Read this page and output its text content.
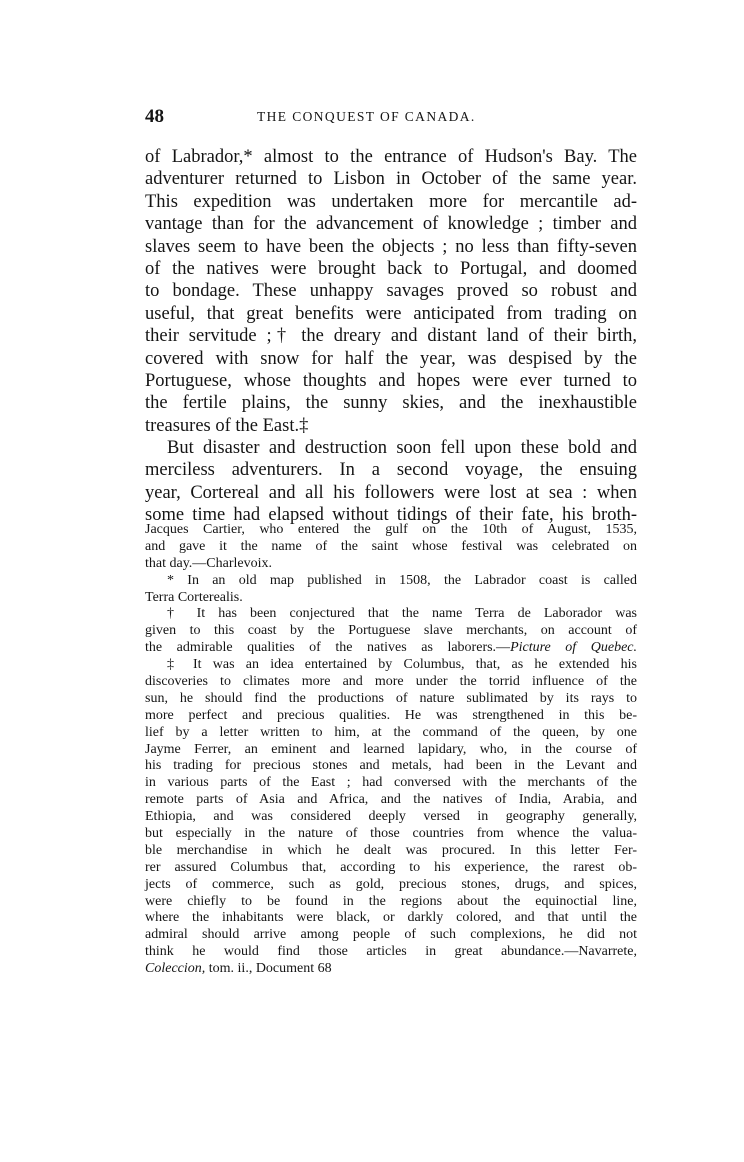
48	THE CONQUEST OF CANADA.
of Labrador,* almost to the entrance of Hudson's Bay. The
adventurer returned to Lisbon in October of the same year.
This expedition was undertaken more for mercantile ad-
vantage than for the advancement of knowledge ; timber and
slaves seem to have been the objects ; no less than fifty-seven
of the natives were brought back to Portugal, and doomed
to bondage. These unhappy savages proved so robust and
useful, that great benefits were anticipated from trading on
their servitude ;† the dreary and distant land of their birth,
covered with snow for half the year, was despised by the
Portuguese, whose thoughts and hopes were ever turned to
the fertile plains, the sunny skies, and the inexhaustible
treasures of the East.‡
But disaster and destruction soon fell upon these bold and
merciless adventurers. In a second voyage, the ensuing
year, Cortereal and all his followers were lost at sea : when
some time had elapsed without tidings of their fate, his broth-
Jacques Cartier, who entered the gulf on the 10th of August, 1535,
and gave it the name of the saint whose festival was celebrated on
that day.—Charlevoix.
* In an old map published in 1508, the Labrador coast is called
Terra Corterealis.
† It has been conjectured that the name Terra de Laborador was
given to this coast by the Portuguese slave merchants, on account of
the admirable qualities of the natives as laborers.—Picture of Quebec.
‡ It was an idea entertained by Columbus, that, as he extended his
discoveries to climates more and more under the torrid influence of the
sun, he should find the productions of nature sublimated by its rays to
more perfect and precious qualities. He was strengthened in this be-
lief by a letter written to him, at the command of the queen, by one
Jayme Ferrer, an eminent and learned lapidary, who, in the course of
his trading for precious stones and metals, had been in the Levant and
in various parts of the East ; had conversed with the merchants of the
remote parts of Asia and Africa, and the natives of India, Arabia, and
Ethiopia, and was considered deeply versed in geography generally,
but especially in the nature of those countries from whence the valua-
ble merchandise in which he dealt was procured. In this letter Fer-
rer assured Columbus that, according to his experience, the rarest ob-
jects of commerce, such as gold, precious stones, drugs, and spices,
were chiefly to be found in the regions about the equinoctial line,
where the inhabitants were black, or darkly colored, and that until the
admiral should arrive among people of such complexions, he did not
think he would find those articles in great abundance.—Navarrete,
Coleccion, tom. ii., Document 68
